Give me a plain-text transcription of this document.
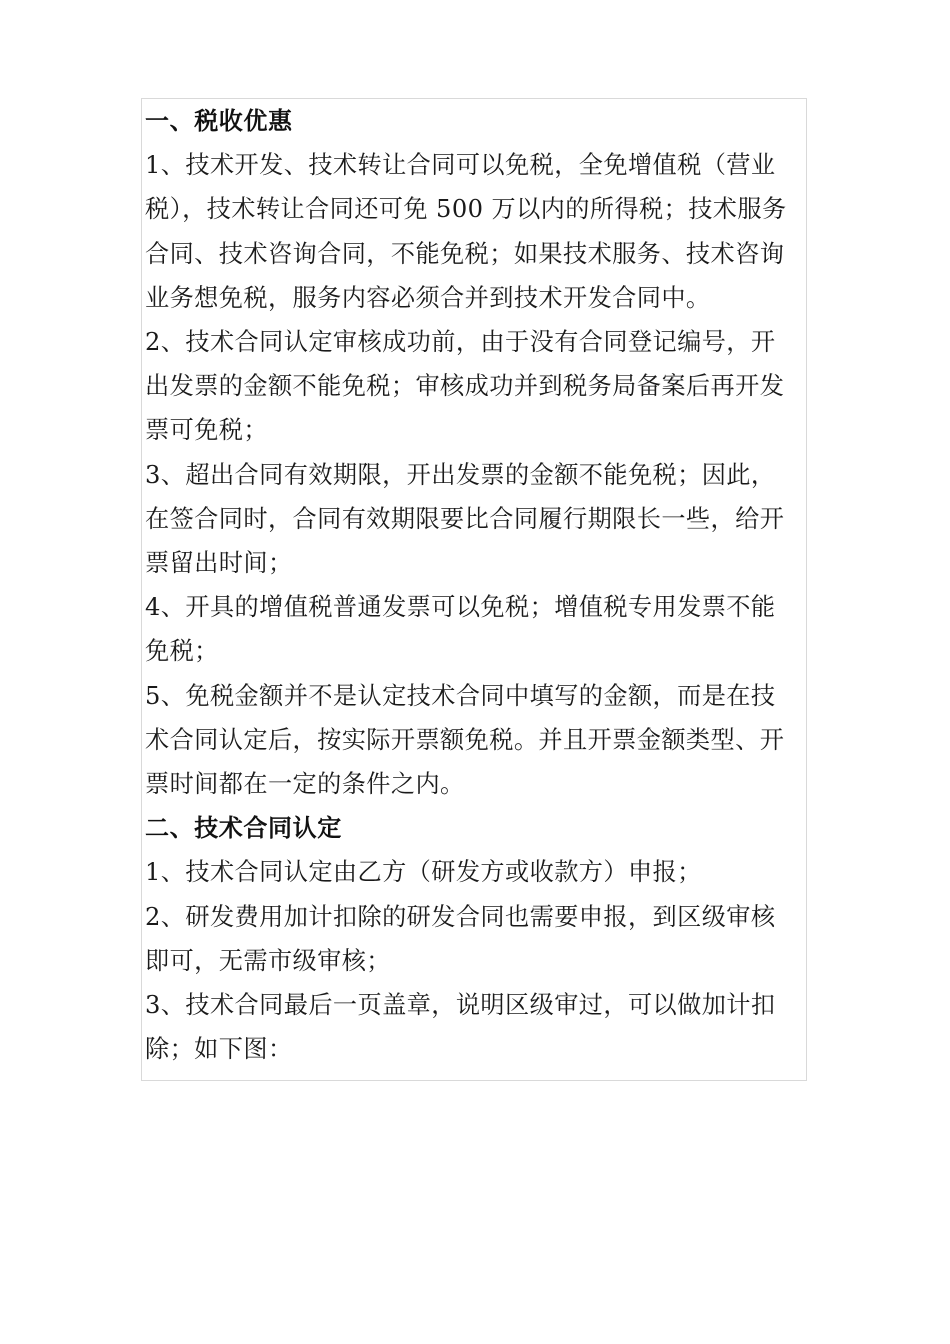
一、税收优惠
1、技术开发、技术转让合同可以免税，全免增值税（营业
税），技术转让合同还可免 500 万以内的所得税；技术服务
合同、技术咨询合同，不能免税；如果技术服务、技术咨询
业务想免税，服务内容必须合并到技术开发合同中。
2、技术合同认定审核成功前，由于没有合同登记编号，开
出发票的金额不能免税；审核成功并到税务局备案后再开发
票可免税；
3、超出合同有效期限，开出发票的金额不能免税；因此，
在签合同时，合同有效期限要比合同履行期限长一些，给开
票留出时间；
4、开具的增值税普通发票可以免税；增值税专用发票不能
免税；
5、免税金额并不是认定技术合同中填写的金额，而是在技
术合同认定后，按实际开票额免税。并且开票金额类型、开
票时间都在一定的条件之内。
二、技术合同认定
1、技术合同认定由乙方（研发方或收款方）申报；
2、研发费用加计扣除的研发合同也需要申报，到区级审核
即可，无需市级审核；
3、技术合同最后一页盖章，说明区级审过，可以做加计扣
除；如下图：
